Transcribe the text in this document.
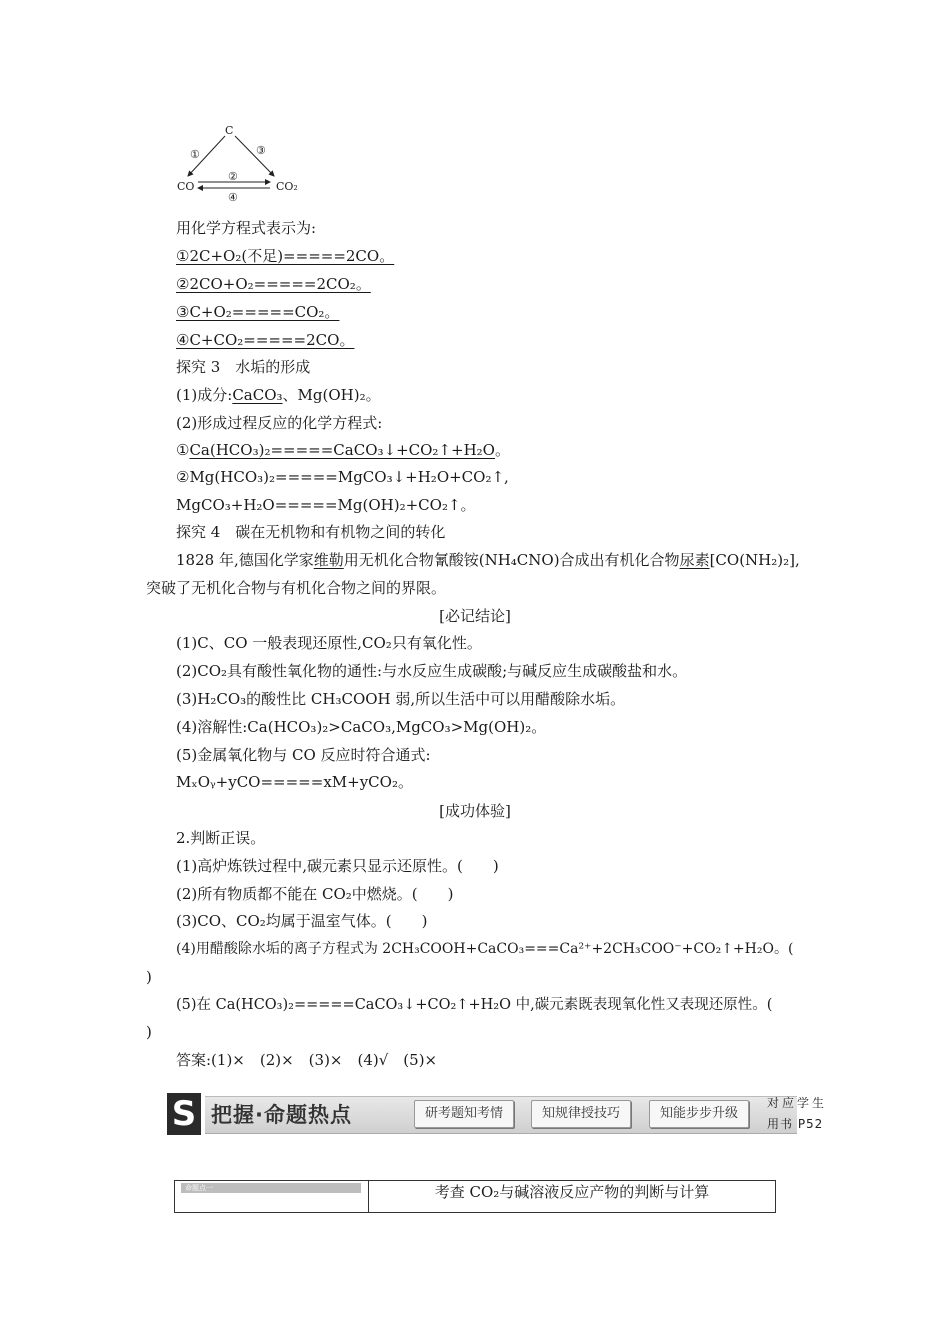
C
CO	CO₂
①	③
②
④
用化学方程式表示为:
①2C+O₂(不足)=====2CO。
②2CO+O₂=====2CO₂。
③C+O₂=====CO₂。
④C+CO₂=====2CO。
探究 3　水垢的形成
(1)成分:CaCO₃、Mg(OH)₂。
(2)形成过程反应的化学方程式:
①Ca(HCO₃)₂=====CaCO₃↓+CO₂↑+H₂O。
②Mg(HCO₃)₂=====MgCO₃↓+H₂O+CO₂↑,
MgCO₃+H₂O=====Mg(OH)₂+CO₂↑。
探究 4　碳在无机物和有机物之间的转化
1828 年,德国化学家维勒用无机化合物氰酸铵(NH₄CNO)合成出有机化合物尿素[CO(NH₂)₂],突破了无机化合物与有机化合物之间的界限。
[必记结论]
(1)C、CO 一般表现还原性,CO₂只有氧化性。
(2)CO₂具有酸性氧化物的通性:与水反应生成碳酸;与碱反应生成碳酸盐和水。
(3)H₂CO₃的酸性比 CH₃COOH 弱,所以生活中可以用醋酸除水垢。
(4)溶解性:Ca(HCO₃)₂>CaCO₃,MgCO₃>Mg(OH)₂。
(5)金属氧化物与 CO 反应时符合通式:
MₓOᵧ+yCO=====xM+yCO₂。
[成功体验]
2.判断正误。
(1)高炉炼铁过程中,碳元素只显示还原性。(　　)
(2)所有物质都不能在 CO₂中燃烧。(　　)
(3)CO、CO₂均属于温室气体。(　　)
(4)用醋酸除水垢的离子方程式为 2CH₃COOH+CaCO₃===Ca²⁺+2CH₃COO⁻+CO₂↑+H₂O。(
)
(5)在 Ca(HCO₃)₂=====CaCO₃↓+CO₂↑+H₂O 中,碳元素既表现氧化性又表现还原性。(
)
答案:(1)×　(2)×　(3)×　(4)√　(5)×
S 把握·命题热点	研考题知考情	知规律授技巧	知能步步升级
对应学生
用书 P52
命题点一	考查 CO₂与碱溶液反应产物的判断与计算
